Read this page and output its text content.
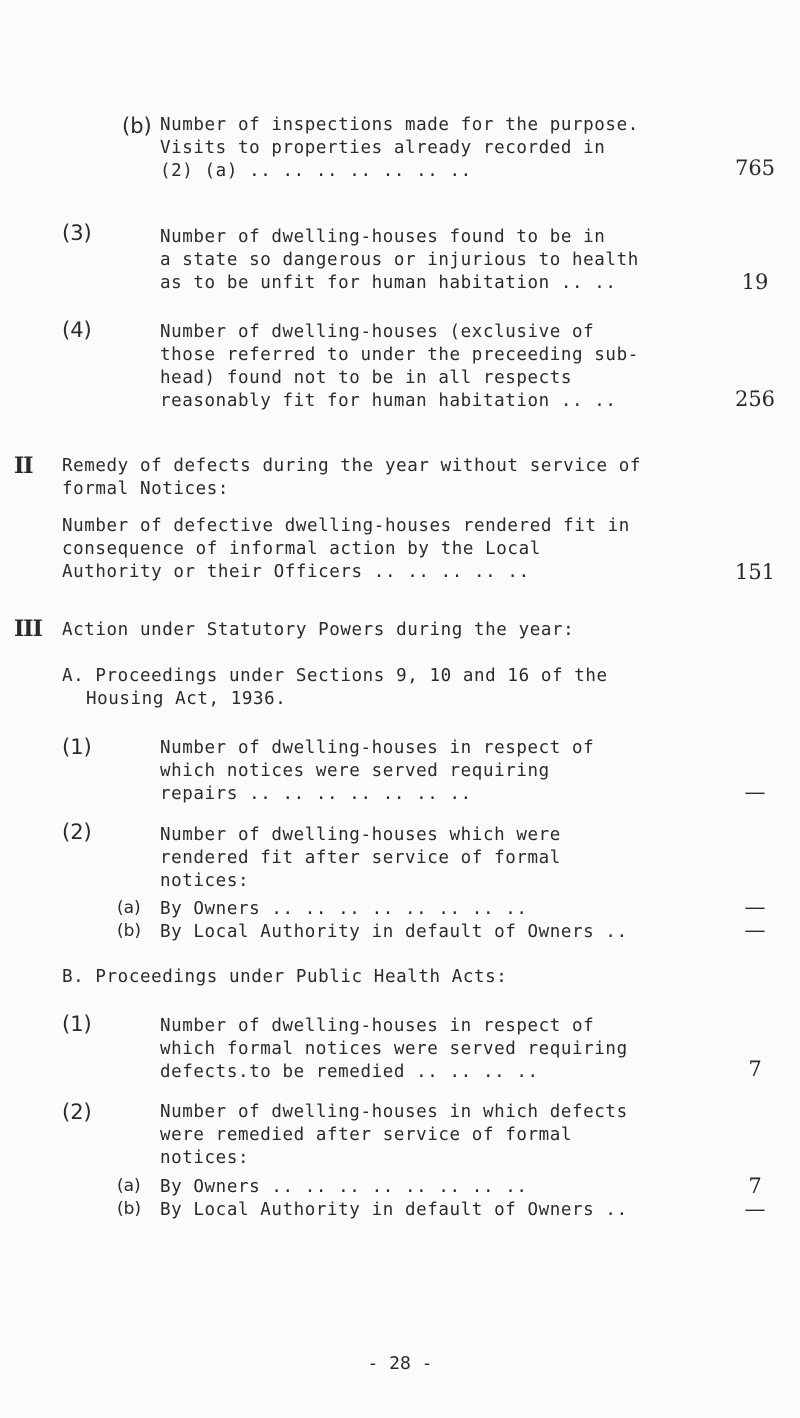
(b) Number of inspections made for the purpose.
Visits to properties already recorded in
(2) (a) .. .. .. .. .. .. ..	765
(3)	Number of dwelling-houses found to be in
a state so dangerous or injurious to health
as to be unfit for human habitation .. ..	19
(4)	Number of dwelling-houses (exclusive of
those referred to under the preceeding sub-
head) found not to be in all respects
reasonably fit for human habitation .. ..	256
II Remedy of defects during the year without service of
formal Notices:
Number of defective dwelling-houses rendered fit in
consequence of informal action by the Local
Authority or their Officers .. .. .. .. ..	151
III Action under Statutory Powers during the year:
A. Proceedings under Sections 9, 10 and 16 of the
Housing Act, 1936.
(1)	Number of dwelling-houses in respect of
which notices were served requiring
repairs .. .. .. .. .. .. ..	—
(2)	Number of dwelling-houses which were
rendered fit after service of formal
notices:
(a) By Owners .. .. .. .. .. .. .. ..	—
(b) By Local Authority in default of Owners ..	—
B. Proceedings under Public Health Acts:
(1)	Number of dwelling-houses in respect of
which formal notices were served requiring
defects.to be remedied .. .. .. ..	7
(2)	Number of dwelling-houses in which defects
were remedied after service of formal
notices:
(a) By Owners .. .. .. .. .. .. .. ..	7
(b) By Local Authority in default of Owners ..	—
- 28 -
